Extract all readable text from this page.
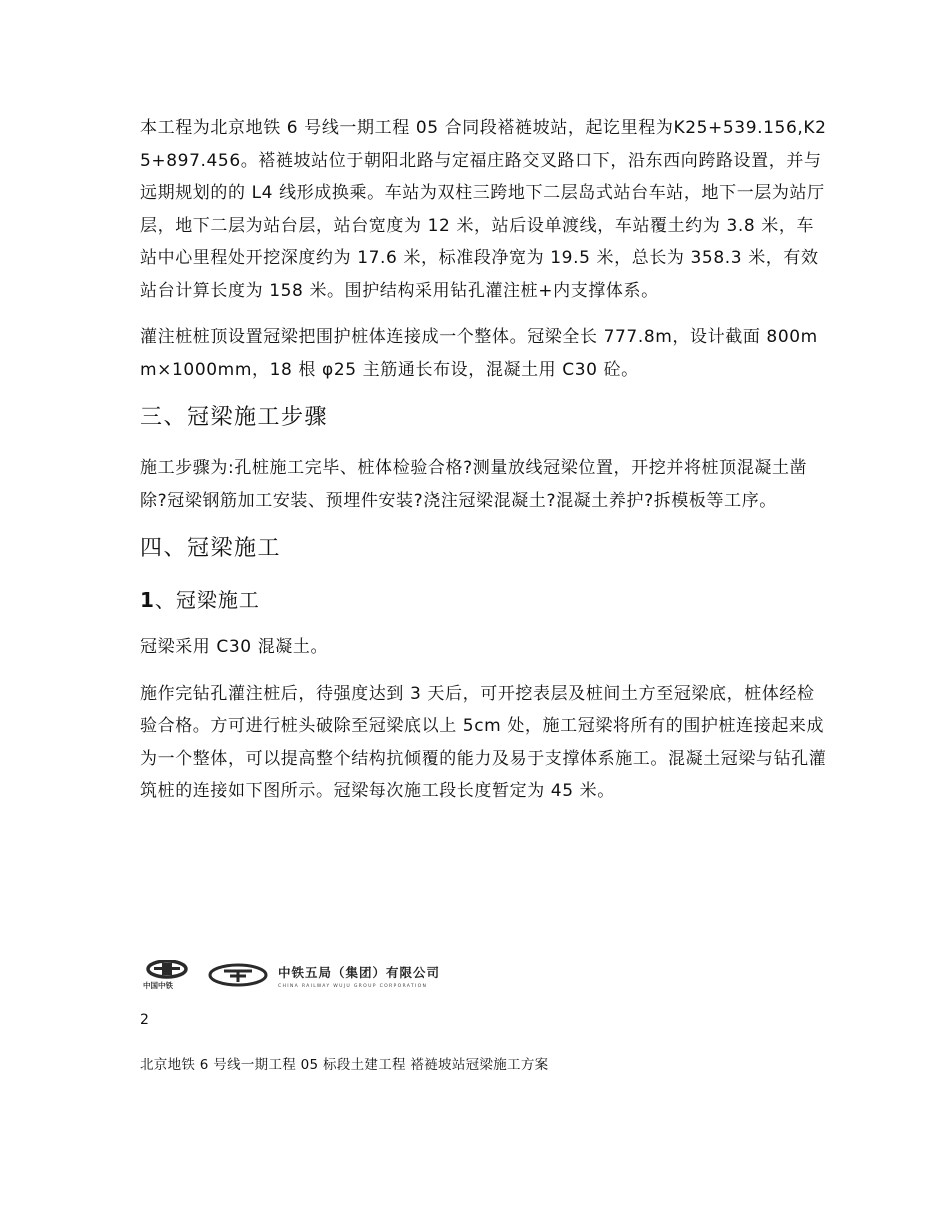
本工程为北京地铁 6 号线一期工程 05 合同段褡裢坡站，起讫里程为K25+539.156,K25+897.456。褡裢坡站位于朝阳北路与定福庄路交叉路口下，沿东西向跨路设置，并与远期规划的的 L4 线形成换乘。车站为双柱三跨地下二层岛式站台车站，地下一层为站厅层，地下二层为站台层，站台宽度为 12 米，站后设单渡线，车站覆土约为 3.8 米，车站中心里程处开挖深度约为 17.6 米，标准段净宽为 19.5 米，总长为 358.3 米，有效站台计算长度为 158 米。围护结构采用钻孔灌注桩+内支撑体系。

灌注桩桩顶设置冠梁把围护桩体连接成一个整体。冠梁全长 777.8m，设计截面 800mm×1000mm，18 根 φ25 主筋通长布设，混凝土用 C30 砼。

三、冠梁施工步骤

施工步骤为:孔桩施工完毕、桩体检验合格?测量放线冠梁位置，开挖并将桩顶混凝土凿除?冠梁钢筋加工安装、预埋件安装?浇注冠梁混凝土?混凝土养护?拆模板等工序。

四、冠梁施工
1、冠梁施工

冠梁采用 C30 混凝土。

施作完钻孔灌注桩后，待强度达到 3 天后，可开挖表层及桩间土方至冠梁底，桩体经检验合格。方可进行桩头破除至冠梁底以上 5cm 处，施工冠梁将所有的围护桩连接起来成为一个整体，可以提高整个结构抗倾覆的能力及易于支撑体系施工。混凝土冠梁与钻孔灌筑桩的连接如下图所示。冠梁每次施工段长度暂定为 45 米。

中国中铁
中铁五局（集团）有限公司
CHINA RAILWAY WUJU GROUP CORPORATION
2
北京地铁 6 号线一期工程 05 标段土建工程 褡裢坡站冠梁施工方案
